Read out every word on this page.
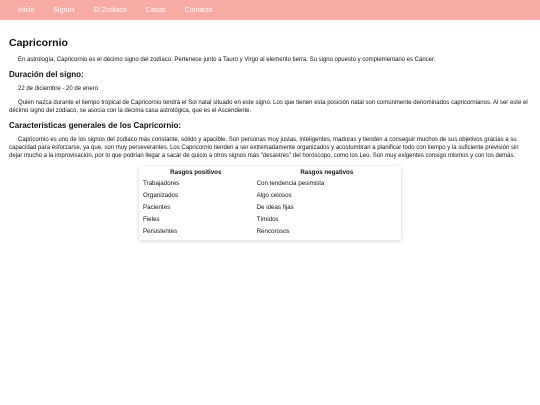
Inicio	Signos	El Zodiaco	Casas	Contacto
Capricornio

En astrología, Capricornio es el décimo signo del zodíaco. Pertenece junto a Tauro y Virgo al elemento tierra. Su signo opuesto y complementario es Cáncer.

Duración del signo:

22 de diciembre - 20 de enero

Quien nazca durante el tiempo tropical de Capricornio tendrá el Sol natal situado en este signo. Los que tienen esta posición natal son comúnmente denominados capricornianos. Al ser este el décimo signo del zodiaco, se asocia con la décima casa astrológica, que es el Ascendente.

Características generales de los Capricornio:

Capricornio es uno de los signos del zodiaco más constante, sólido y apacible. Son personas muy justas, inteligentes, maduras y tienden a conseguir muchos de sus objetivos gracias a su capacidad para esforzarse, ya que, son muy perseverantes. Los Capricornio tienden a ser extremadamente organizados y acostumbran a planificar todo con tiempo y la suficiente previsión sin dejar mucho a la improvisación, por lo que podrían llegar a sacar de quicio a otros signos más "desastres" del horóscopo, como los Leo. Son muy exigentes consigo mismos y con los demás.

Rasgos positivos	Rasgos negativos
Trabajadores	Con tendencia pesimista
Organizados	Algo celosos
Pacientes	De ideas fijas
Fieles	Tímidos
Persistentes	Rencorosos
